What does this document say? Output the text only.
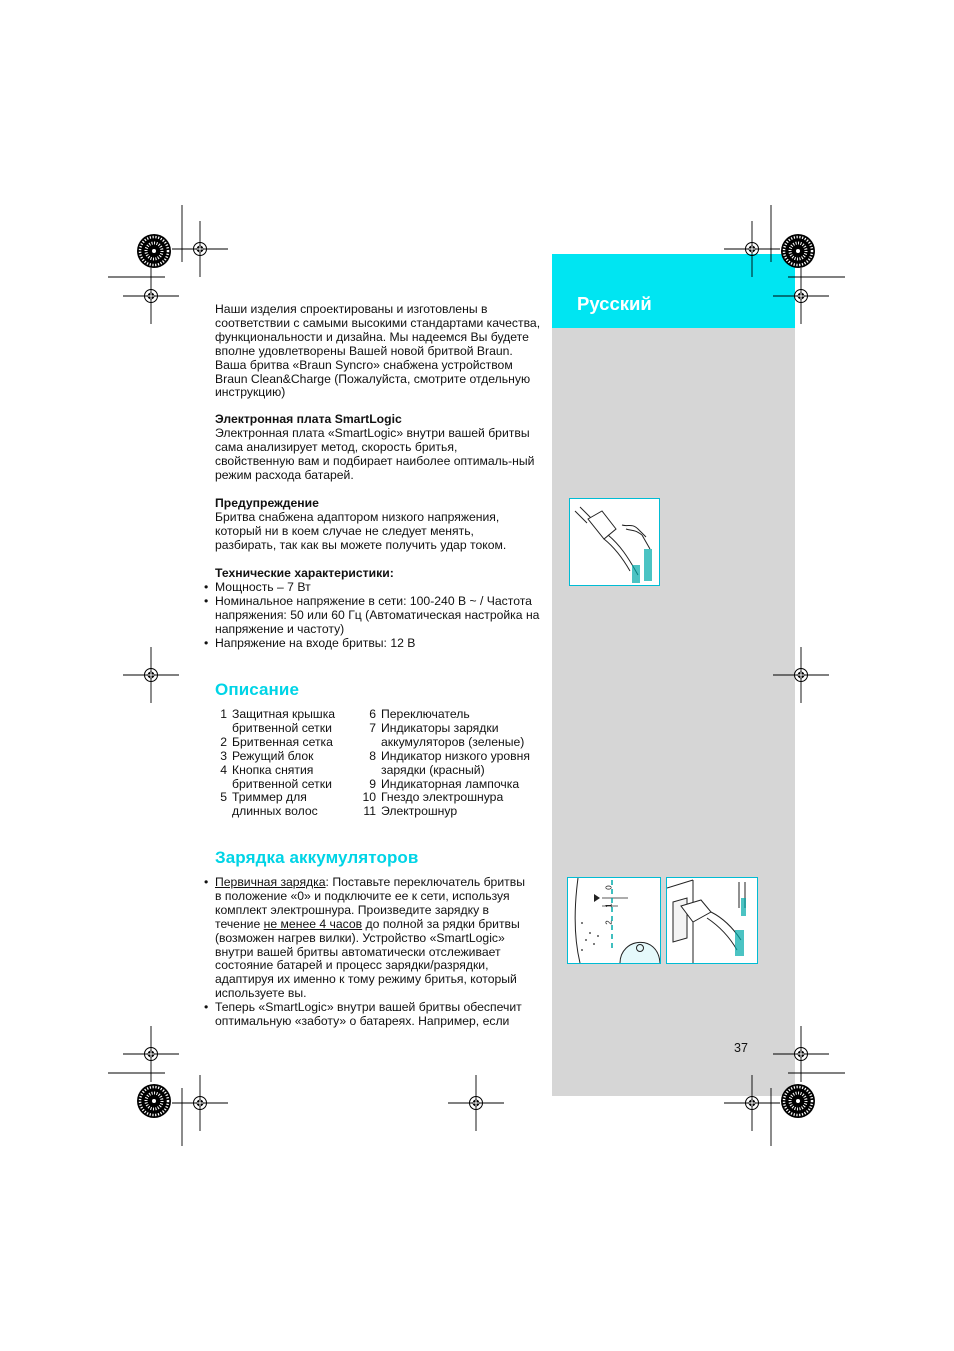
Русский
0
1
2
Наши изделия спроектированы и изготовлены в соответствии с самыми высокими стандартами качества, функциональности и дизайна. Мы надеемся Вы будете вполне удовлетворены Вашей новой бритвой Braun. Ваша бритва «Braun Syncro» снабжена устройством Braun Clean&Charge (Пожалуйста, смотрите отдельную инструкцию)
Электронная плата SmartLogic
Электронная плата «SmartLogic» внутри вашей бритвы сама анализирует метод, скорость бритья, свойственную вам и подбирает наиболее оптималь-ный режим расхода батарей.
Предупреждение
Бритва снабжена адаптором низкого напряжения, который ни в коем случае не следует менять, разбирать, так как вы можете получить удар током.
Технические характеристики:
• Мощность – 7 Вт
• Номинальное напряжение в сети: 100-240 В ~ / Частота напряжения: 50 или 60 Гц (Автоматическая настройка на напряжение и частоту)
• Напряжение на входе бритвы: 12 В
Описание
1 Защитная крышка бритвенной сетки
2 Бритвенная сетка
3 Режущий блок
4 Кнопка снятия бритвенной сетки
5 Триммер для длинных волос
6 Переключатель
7 Индикаторы зарядки аккумуляторов (зеленые)
8 Индикатор низкого уровня зарядки (красный)
9 Индикаторная лампочка
10 Гнездо электрошнура
11 Электрошнур
Зарядка аккумуляторов
• Первичная зарядка: Поставьте переключатель бритвы в положение «0» и подключите ее к сети, используя комплект электрошнура. Произведите зарядку в течение не менее 4 часов до полной за рядки бритвы (возможен нагрев вилки). Устройство «SmartLogic» внутри вашей бритвы автоматически отслеживает состояние батарей и процесс зарядки/разрядки, адаптируя их именно к тому режиму бритья, который используете вы.
• Теперь «SmartLogic» внутри вашей бритвы обеспечит оптимальную «заботу» о батареях. Например, если
37
